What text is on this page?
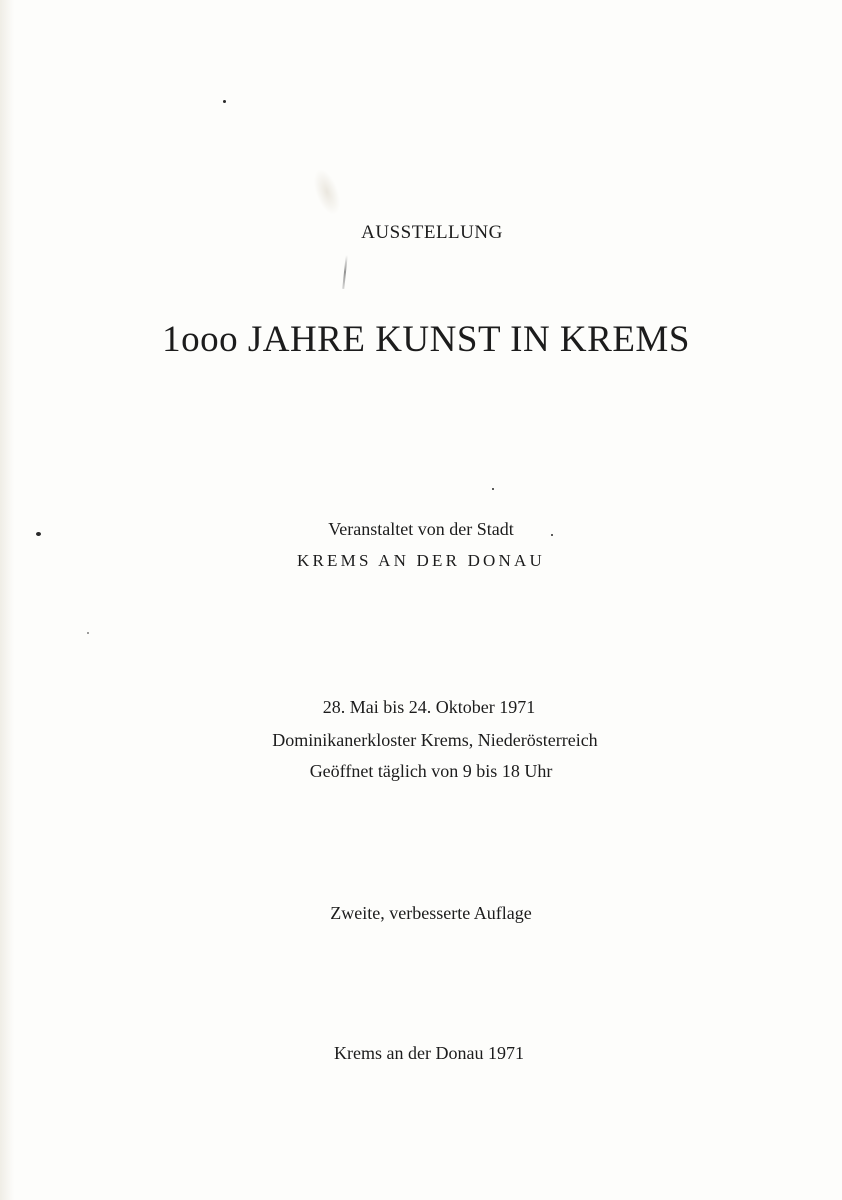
AUSSTELLUNG
1ooo JAHRE KUNST IN KREMS
Veranstaltet von der Stadt
KREMS AN DER DONAU
28. Mai bis 24. Oktober 1971
Dominikanerkloster Krems, Niederösterreich
Geöffnet täglich von 9 bis 18 Uhr
Zweite, verbesserte Auflage
Krems an der Donau 1971
